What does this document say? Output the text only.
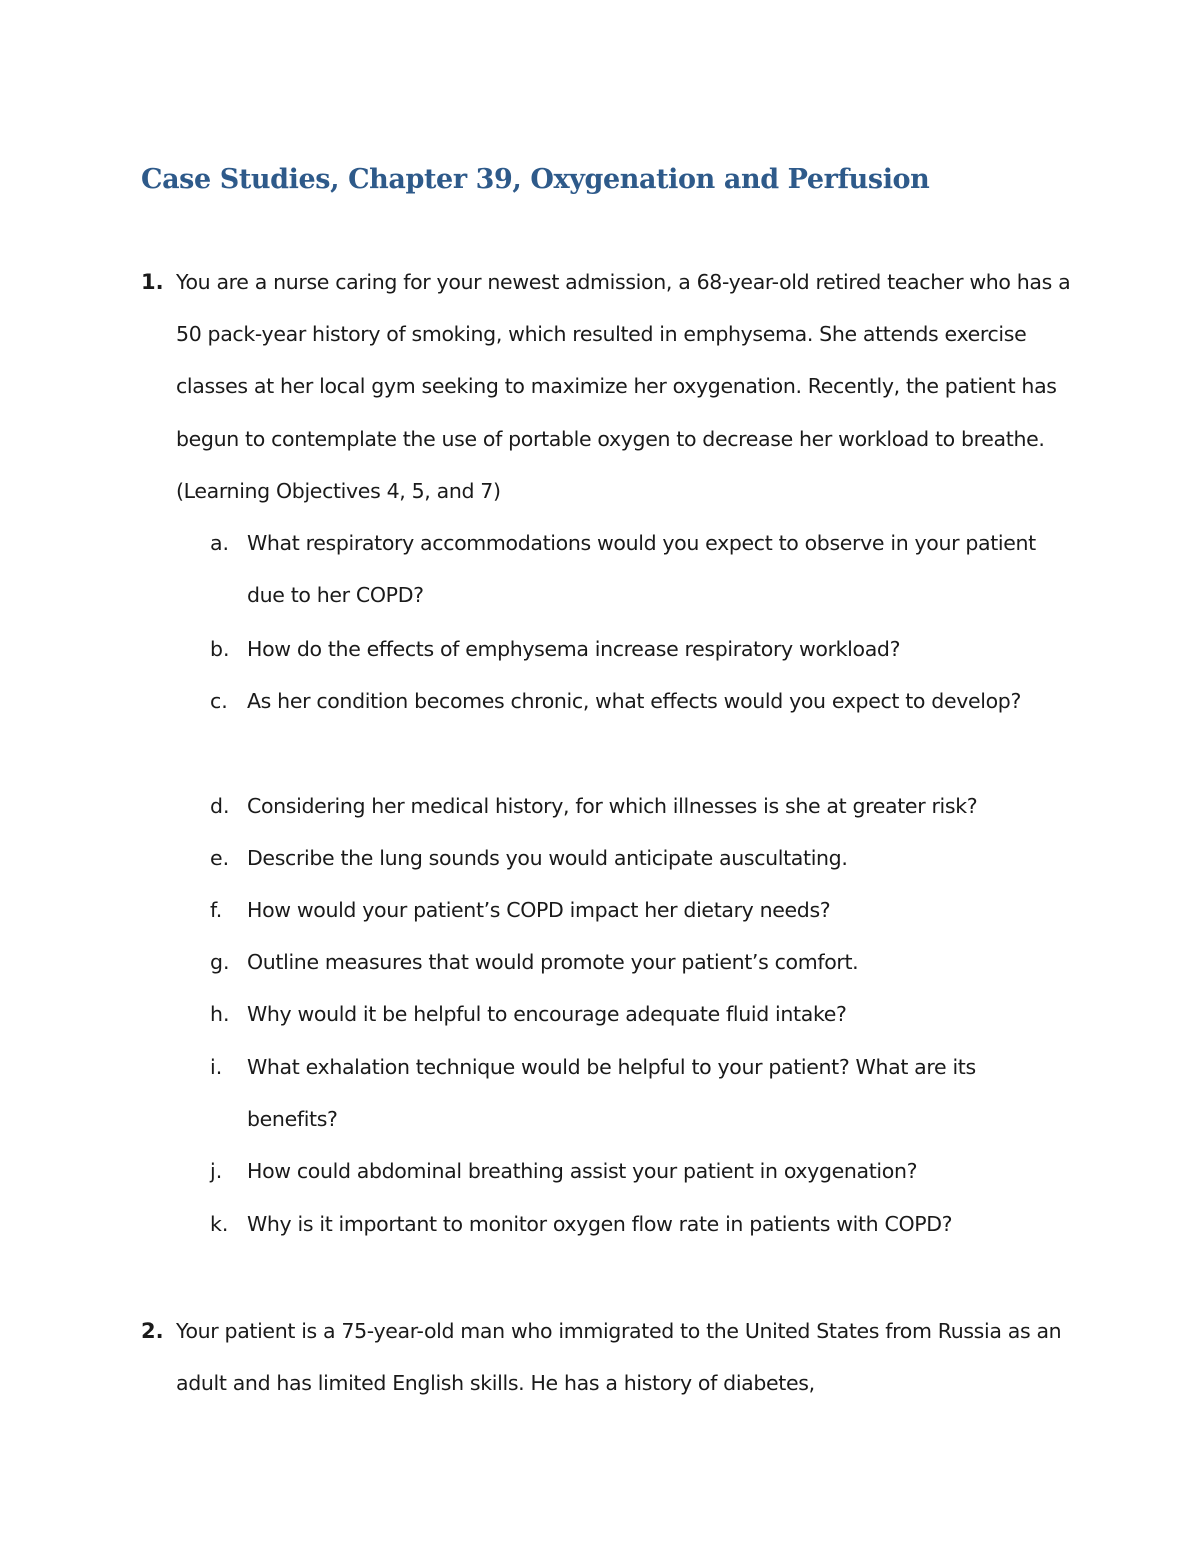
Case Studies, Chapter 39, Oxygenation and Perfusion
1. You are a nurse caring for your newest admission, a 68-year-old retired teacher who has a 50 pack-year history of smoking, which resulted in emphysema. She attends exercise classes at her local gym seeking to maximize her oxygenation. Recently, the patient has begun to contemplate the use of portable oxygen to decrease her workload to breathe. (Learning Objectives 4, 5, and 7)

a. What respiratory accommodations would you expect to observe in your patient due to her COPD?

b. How do the effects of emphysema increase respiratory workload?

c. As her condition becomes chronic, what effects would you expect to develop?

d. Considering her medical history, for which illnesses is she at greater risk?

e. Describe the lung sounds you would anticipate auscultating.

f. How would your patient’s COPD impact her dietary needs?

g. Outline measures that would promote your patient’s comfort.

h. Why would it be helpful to encourage adequate fluid intake?

i. What exhalation technique would be helpful to your patient? What are its benefits?

j. How could abdominal breathing assist your patient in oxygenation?

k. Why is it important to monitor oxygen flow rate in patients with COPD?

2. Your patient is a 75-year-old man who immigrated to the United States from Russia as an adult and has limited English skills. He has a history of diabetes,
